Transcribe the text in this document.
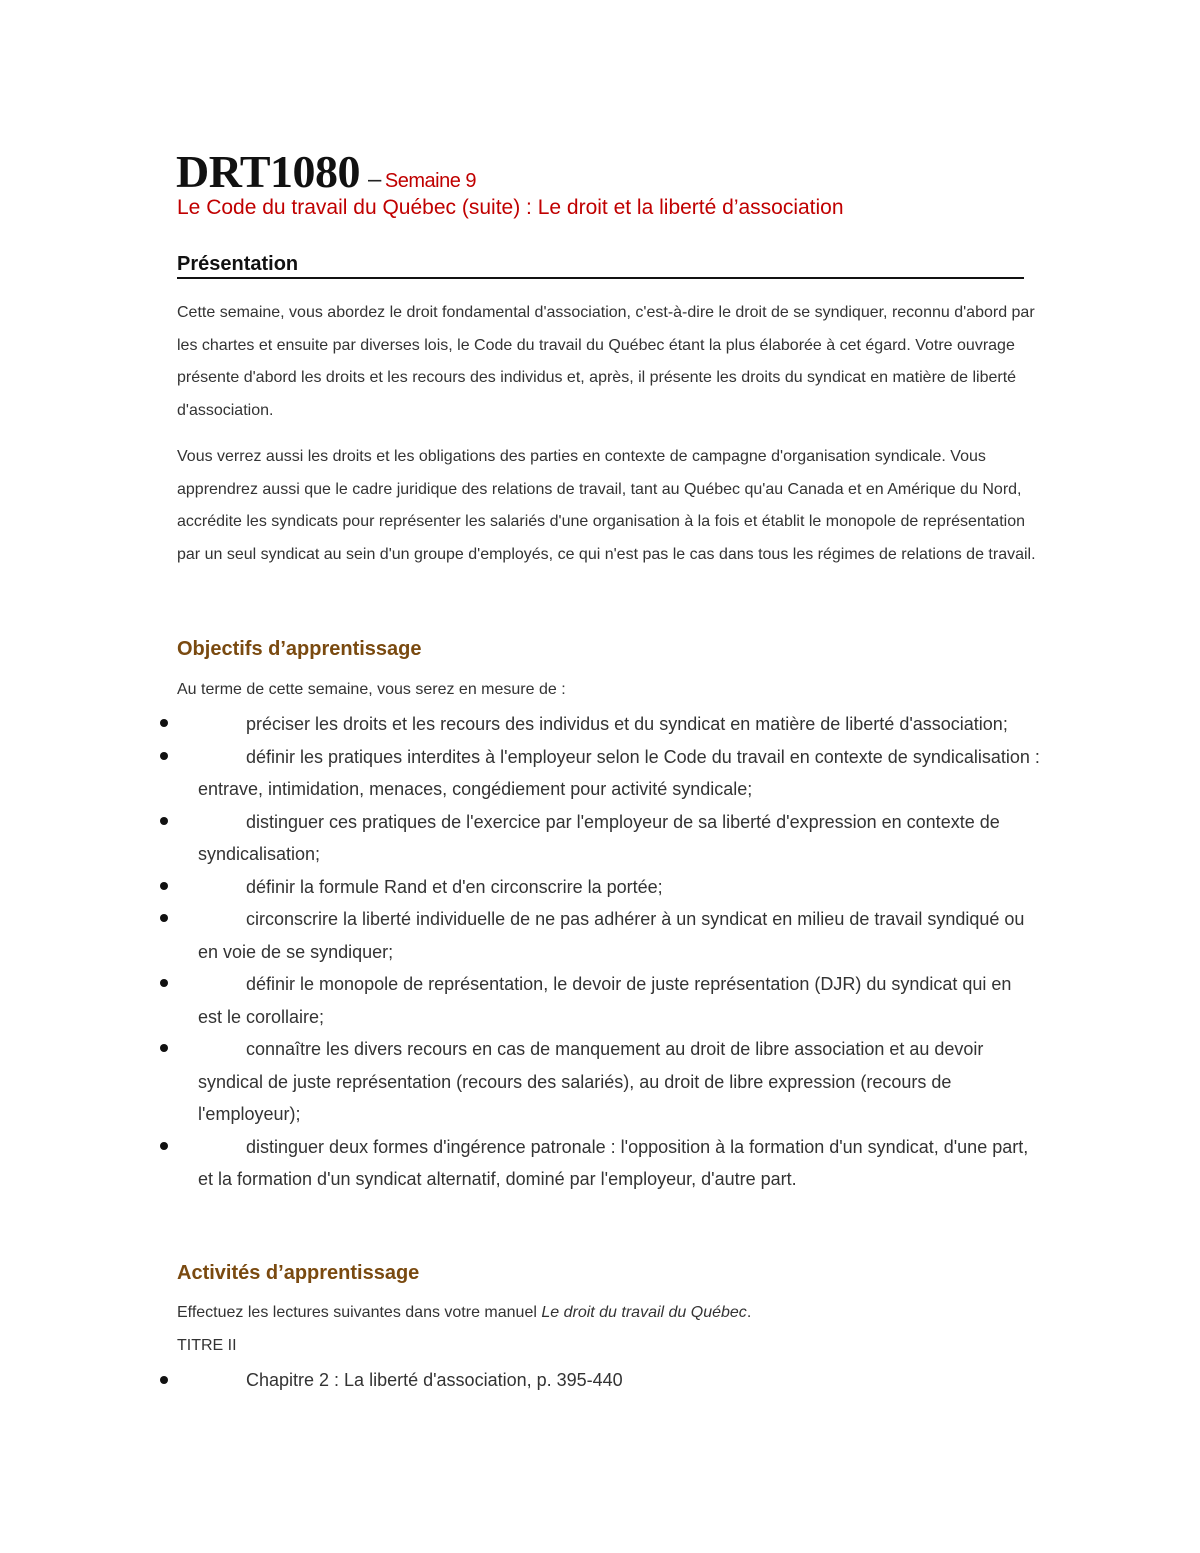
DRT1080 – Semaine 9
Le Code du travail du Québec (suite) : Le droit et la liberté d’association
Présentation
Cette semaine, vous abordez le droit fondamental d'association, c'est-à-dire le droit de se syndiquer, reconnu d'abord par les chartes et ensuite par diverses lois, le Code du travail du Québec étant la plus élaborée à cet égard. Votre ouvrage présente d'abord les droits et les recours des individus et, après, il présente les droits du syndicat en matière de liberté d'association.
Vous verrez aussi les droits et les obligations des parties en contexte de campagne d'organisation syndicale. Vous apprendrez aussi que le cadre juridique des relations de travail, tant au Québec qu'au Canada et en Amérique du Nord, accrédite les syndicats pour représenter les salariés d'une organisation à la fois et établit le monopole de représentation par un seul syndicat au sein d'un groupe d'employés, ce qui n'est pas le cas dans tous les régimes de relations de travail.
Objectifs d’apprentissage
Au terme de cette semaine, vous serez en mesure de :
préciser les droits et les recours des individus et du syndicat en matière de liberté d'association;
définir les pratiques interdites à l'employeur selon le Code du travail en contexte de syndicalisation : entrave, intimidation, menaces, congédiement pour activité syndicale;
distinguer ces pratiques de l'exercice par l'employeur de sa liberté d'expression en contexte de syndicalisation;
définir la formule Rand et d'en circonscrire la portée;
circonscrire la liberté individuelle de ne pas adhérer à un syndicat en milieu de travail syndiqué ou en voie de se syndiquer;
définir le monopole de représentation, le devoir de juste représentation (DJR) du syndicat qui en est le corollaire;
connaître les divers recours en cas de manquement au droit de libre association et au devoir syndical de juste représentation (recours des salariés), au droit de libre expression (recours de l'employeur);
distinguer deux formes d'ingérence patronale : l'opposition à la formation d'un syndicat, d'une part, et la formation d'un syndicat alternatif, dominé par l'employeur, d'autre part.
Activités d’apprentissage
Effectuez les lectures suivantes dans votre manuel Le droit du travail du Québec.
TITRE II
Chapitre 2 : La liberté d'association, p. 395-440
